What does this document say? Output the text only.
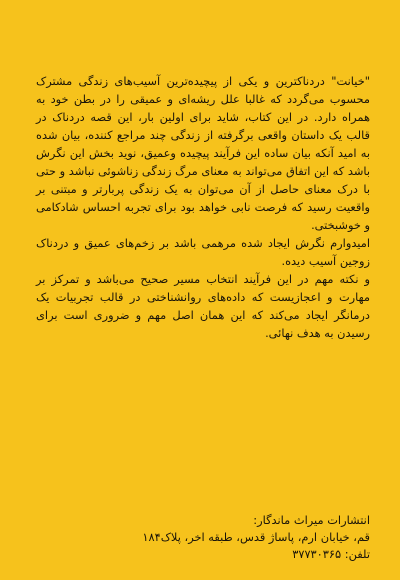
"خیانت" دردناکترین و یکی از پیچیده‌ترین آسیب‌های زندگی مشترک محسوب می‌گردد که غالبا علل ریشه‌ای و عمیقی را در بطن خود به همراه دارد. در این کتاب، شاید برای اولین بار، این قصه دردناک در قالب یک داستان واقعی برگرفته از زندگی چند مراجع کننده، بیان شده به امید آنکه بیان ساده این فرآیند پیچیده وعمیق، نوید بخش این نگرش باشد که این اتفاق می‌تواند به معنای مرگ زندگی زناشوئی نباشد و حتی با درک معنای حاصل از آن می‌توان به یک زندگی پربارتر و مبتنی بر واقعیت رسید که فرصت نابی خواهد بود برای تجربه احساس شادکامی و خوشبختی.

امیدوارم نگرش ایجاد شده مرهمی باشد بر زخم‌های عمیق و دردناک زوجین آسیب دیده.

و نکته مهم در این فرآیند انتخاب مسیر صحیح می‌باشد و تمرکز بر مهارت و اعجازیست که داده‌های روانشناختی در قالب تجربیات یک درمانگر ایجاد می‌کند که این همان اصل مهم و ضروری است برای رسیدن به هدف نهائی.

انتشارات میراث ماندگار:
قم، خیابان ارم، پاساژ قدس، طبقه اخر، پلاک۱۸۴
تلفن: ۳۷۷۳۰۳۶۵
